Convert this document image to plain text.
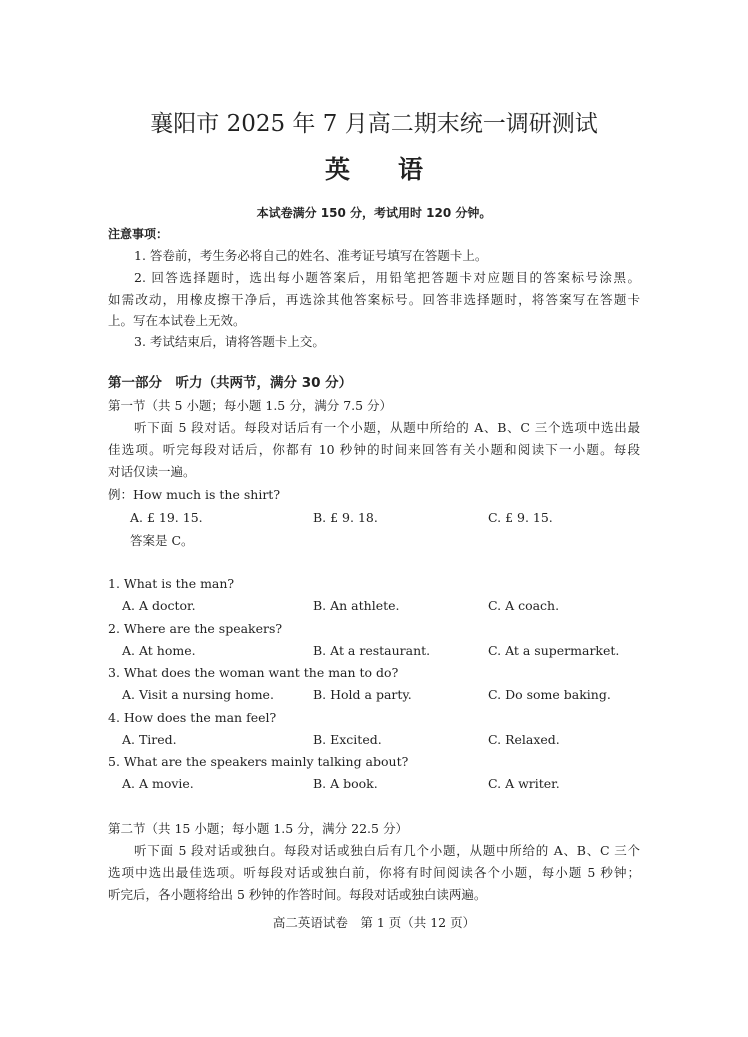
襄阳市 2025 年 7 月高二期末统一调研测试
英语
本试卷满分 150 分，考试用时 120 分钟。
注意事项：
1. 答卷前，考生务必将自己的姓名、准考证号填写在答题卡上。
2. 回答选择题时，选出每小题答案后，用铅笔把答题卡对应题目的答案标号涂黑。
如需改动，用橡皮擦干净后，再选涂其他答案标号。回答非选择题时，将答案写在答题卡
上。写在本试卷上无效。
3. 考试结束后，请将答题卡上交。
第一部分　听力（共两节，满分 30 分）
第一节（共 5 小题；每小题 1.5 分，满分 7.5 分）
听下面 5 段对话。每段对话后有一个小题，从题中所给的 A、B、C 三个选项中选出最
佳选项。听完每段对话后，你都有 10 秒钟的时间来回答有关小题和阅读下一小题。每段
对话仅读一遍。
例：How much is the shirt?
A. £ 19. 15.	B. £ 9. 18.	C. £ 9. 15.
答案是 C。
1. What is the man?
A. A doctor.	B. An athlete.	C. A coach.
2. Where are the speakers?
A. At home.	B. At a restaurant.	C. At a supermarket.
3. What does the woman want the man to do?
A. Visit a nursing home.	B. Hold a party.	C. Do some baking.
4. How does the man feel?
A. Tired.	B. Excited.	C. Relaxed.
5. What are the speakers mainly talking about?
A. A movie.	B. A book.	C. A writer.
第二节（共 15 小题；每小题 1.5 分，满分 22.5 分）
听下面 5 段对话或独白。每段对话或独白后有几个小题，从题中所给的 A、B、C 三个
选项中选出最佳选项。听每段对话或独白前，你将有时间阅读各个小题，每小题 5 秒钟；
听完后，各小题将给出 5 秒钟的作答时间。每段对话或独白读两遍。
高二英语试卷　第 1 页（共 12 页）
